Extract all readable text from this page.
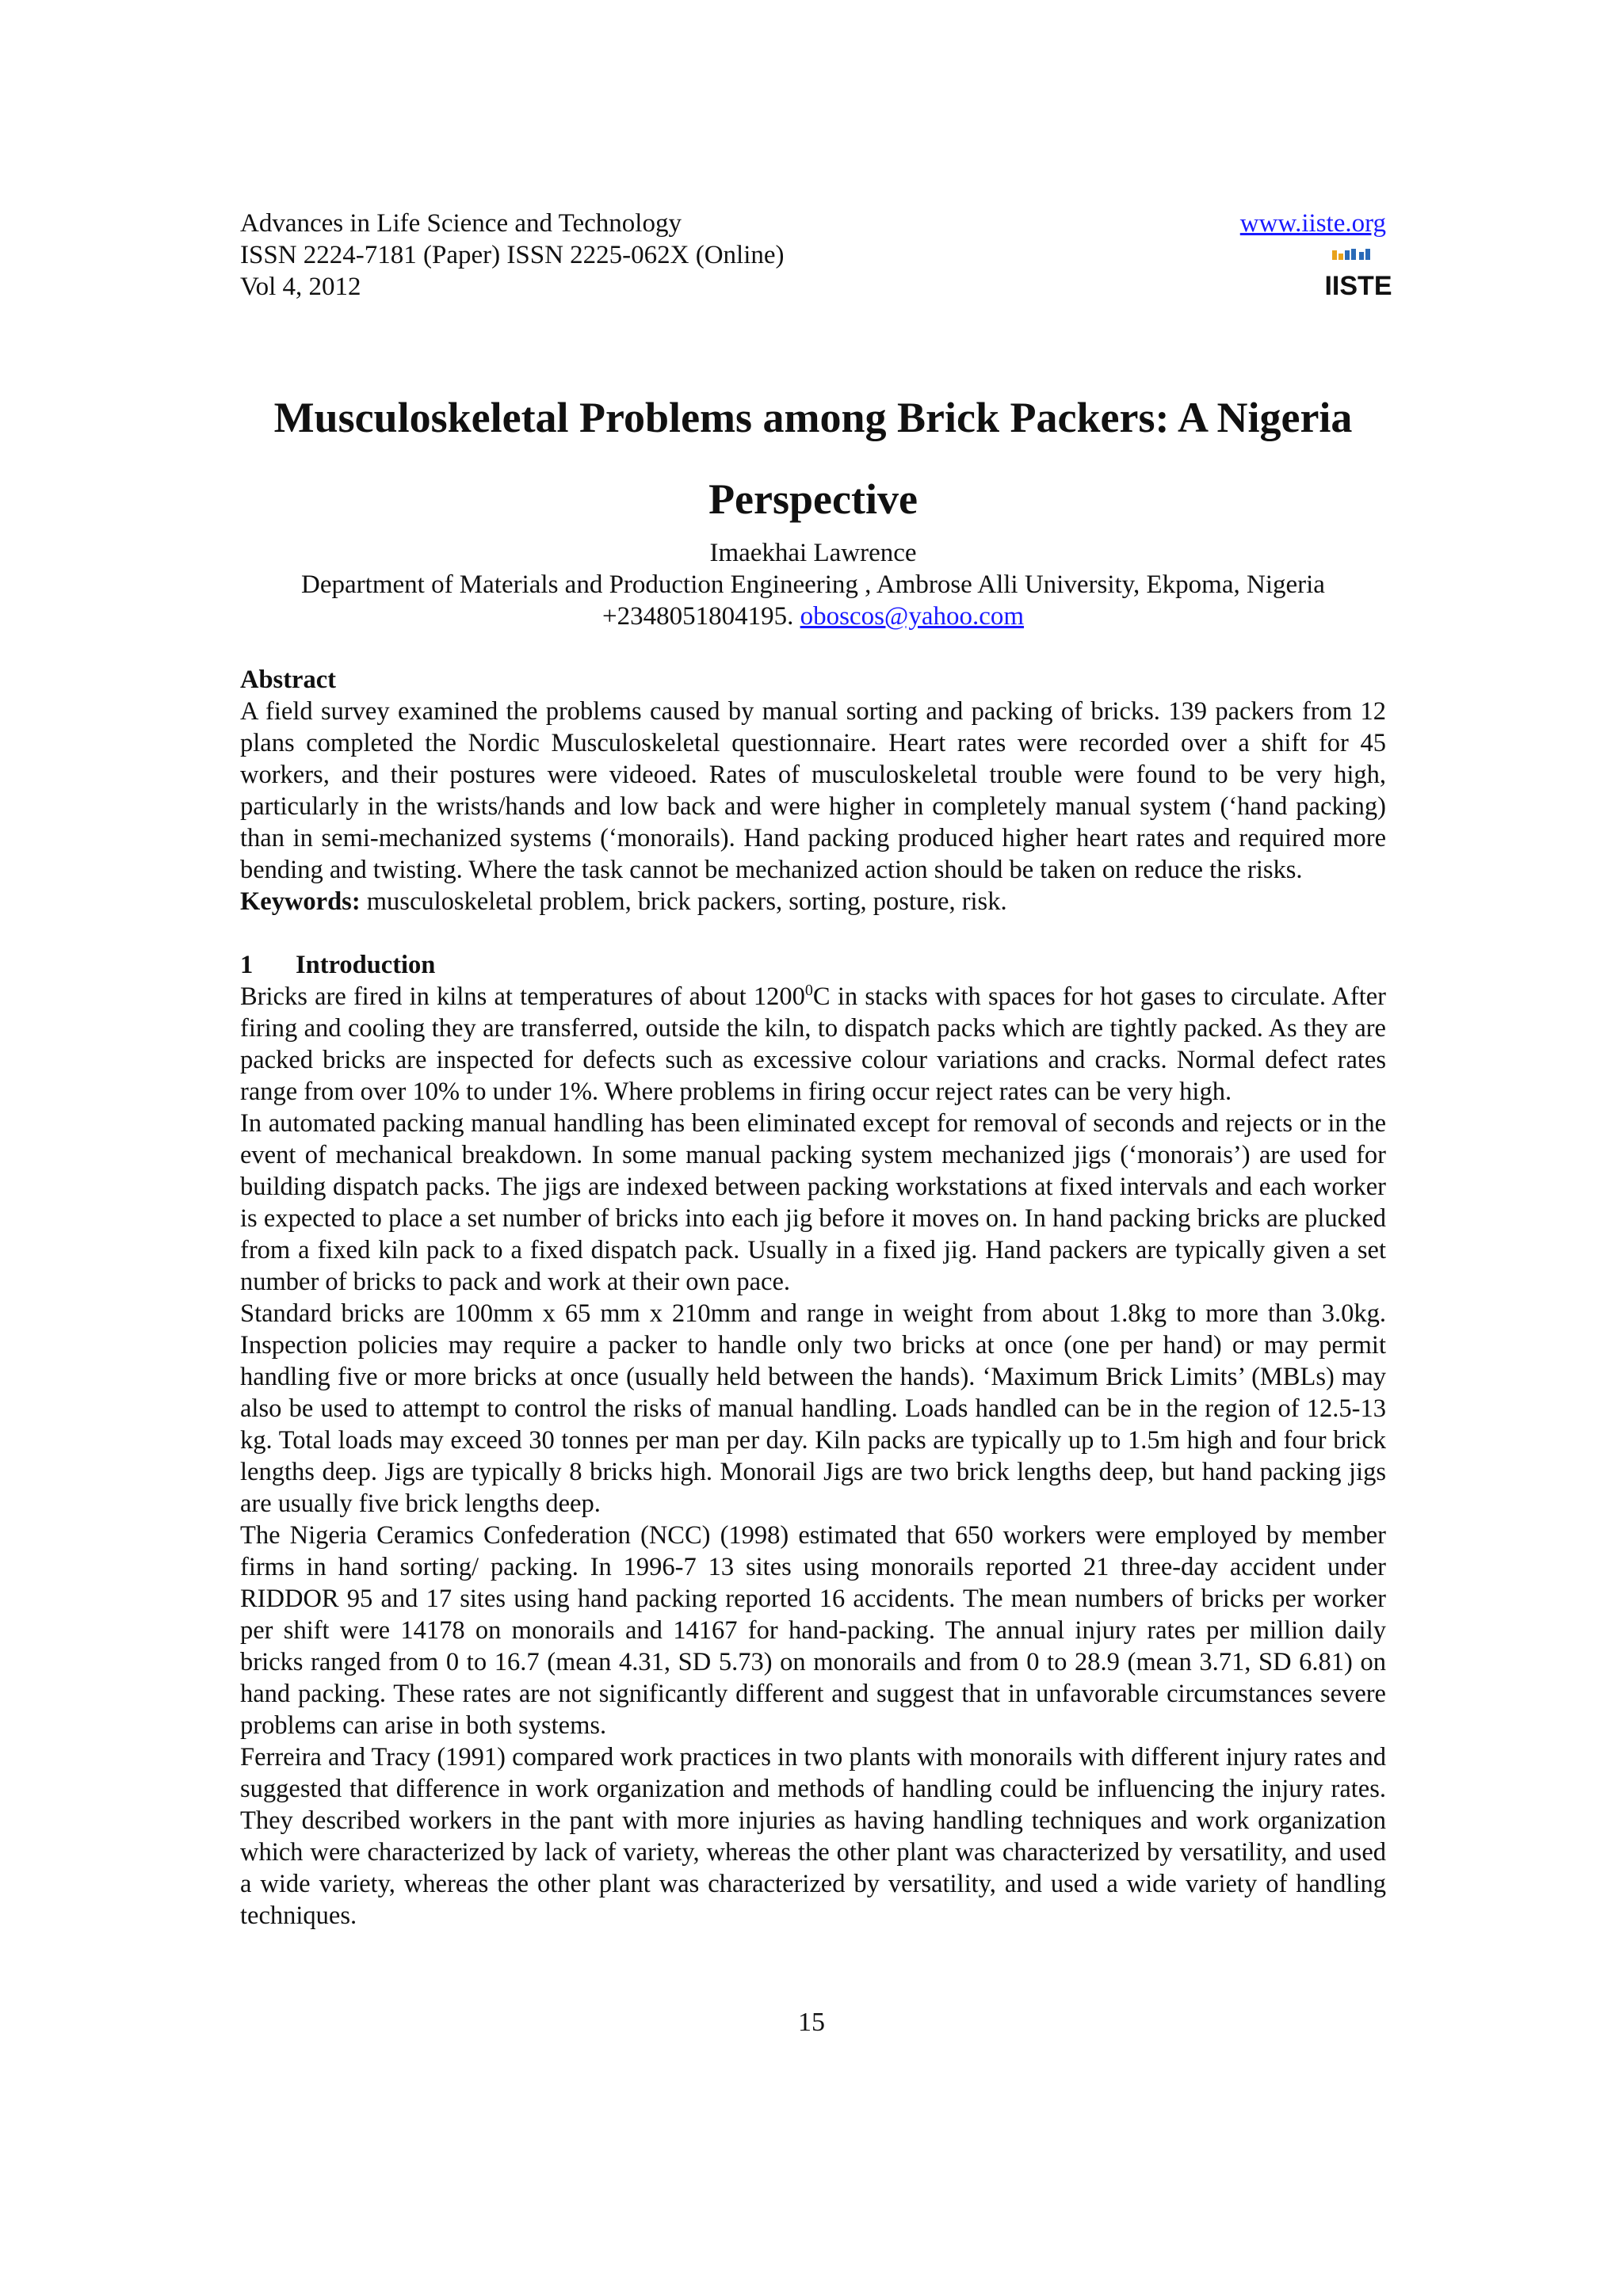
Advances in Life Science and Technology
ISSN 2224-7181 (Paper) ISSN 2225-062X (Online)
Vol 4, 2012
www.iiste.org
IISTE
Musculoskeletal Problems among Brick Packers: A Nigeria
Perspective
Imaekhai Lawrence
Department of Materials and Production Engineering , Ambrose Alli University, Ekpoma, Nigeria
+2348051804195. oboscos@yahoo.com
Abstract

A field survey examined the problems caused by manual sorting and packing of bricks. 139 packers from 12 plans completed the Nordic Musculoskeletal questionnaire. Heart rates were recorded over a shift for 45 workers, and their postures were videoed. Rates of musculoskeletal trouble were found to be very high, particularly in the wrists/hands and low back and were higher in completely manual system (‘hand packing) than in semi-mechanized systems (‘monorails). Hand packing produced higher heart rates and required more bending and twisting. Where the task cannot be mechanized action should be taken on reduce the risks.

Keywords: musculoskeletal problem, brick packers, sorting, posture, risk.

1 Introduction

Bricks are fired in kilns at temperatures of about 1200$^0$C in stacks with spaces for hot gases to circulate. After firing and cooling they are transferred, outside the kiln, to dispatch packs which are tightly packed. As they are packed bricks are inspected for defects such as excessive colour variations and cracks. Normal defect rates range from over 10% to under 1%. Where problems in firing occur reject rates can be very high.

In automated packing manual handling has been eliminated except for removal of seconds and rejects or in the event of mechanical breakdown. In some manual packing system mechanized jigs (‘monorais’) are used for building dispatch packs. The jigs are indexed between packing workstations at fixed intervals and each worker is expected to place a set number of bricks into each jig before it moves on. In hand packing bricks are plucked from a fixed kiln pack to a fixed dispatch pack. Usually in a fixed jig. Hand packers are typically given a set number of bricks to pack and work at their own pace.

Standard bricks are 100mm x 65 mm x 210mm and range in weight from about 1.8kg to more than 3.0kg. Inspection policies may require a packer to handle only two bricks at once (one per hand) or may permit handling five or more bricks at once (usually held between the hands). ‘Maximum Brick Limits’ (MBLs) may also be used to attempt to control the risks of manual handling. Loads handled can be in the region of 12.5-13 kg. Total loads may exceed 30 tonnes per man per day. Kiln packs are typically up to 1.5m high and four brick lengths deep. Jigs are typically 8 bricks high. Monorail Jigs are two brick lengths deep, but hand packing jigs are usually five brick lengths deep.

The Nigeria Ceramics Confederation (NCC) (1998) estimated that 650 workers were employed by member firms in hand sorting/ packing. In 1996-7 13 sites using monorails reported 21 three-day accident under RIDDOR 95 and 17 sites using hand packing reported 16 accidents. The mean numbers of bricks per worker per shift were 14178 on monorails and 14167 for hand-packing. The annual injury rates per million daily bricks ranged from 0 to 16.7 (mean 4.31, SD 5.73) on monorails and from 0 to 28.9 (mean 3.71, SD 6.81) on hand packing. These rates are not significantly different and suggest that in unfavorable circumstances severe problems can arise in both systems.

Ferreira and Tracy (1991) compared work practices in two plants with monorails with different injury rates and suggested that difference in work organization and methods of handling could be influencing the injury rates. They described workers in the pant with more injuries as having handling techniques and work organization which were characterized by lack of variety, whereas the other plant was characterized by versatility, and used a wide variety, whereas the other plant was characterized by versatility, and used a wide variety of handling techniques.

15
